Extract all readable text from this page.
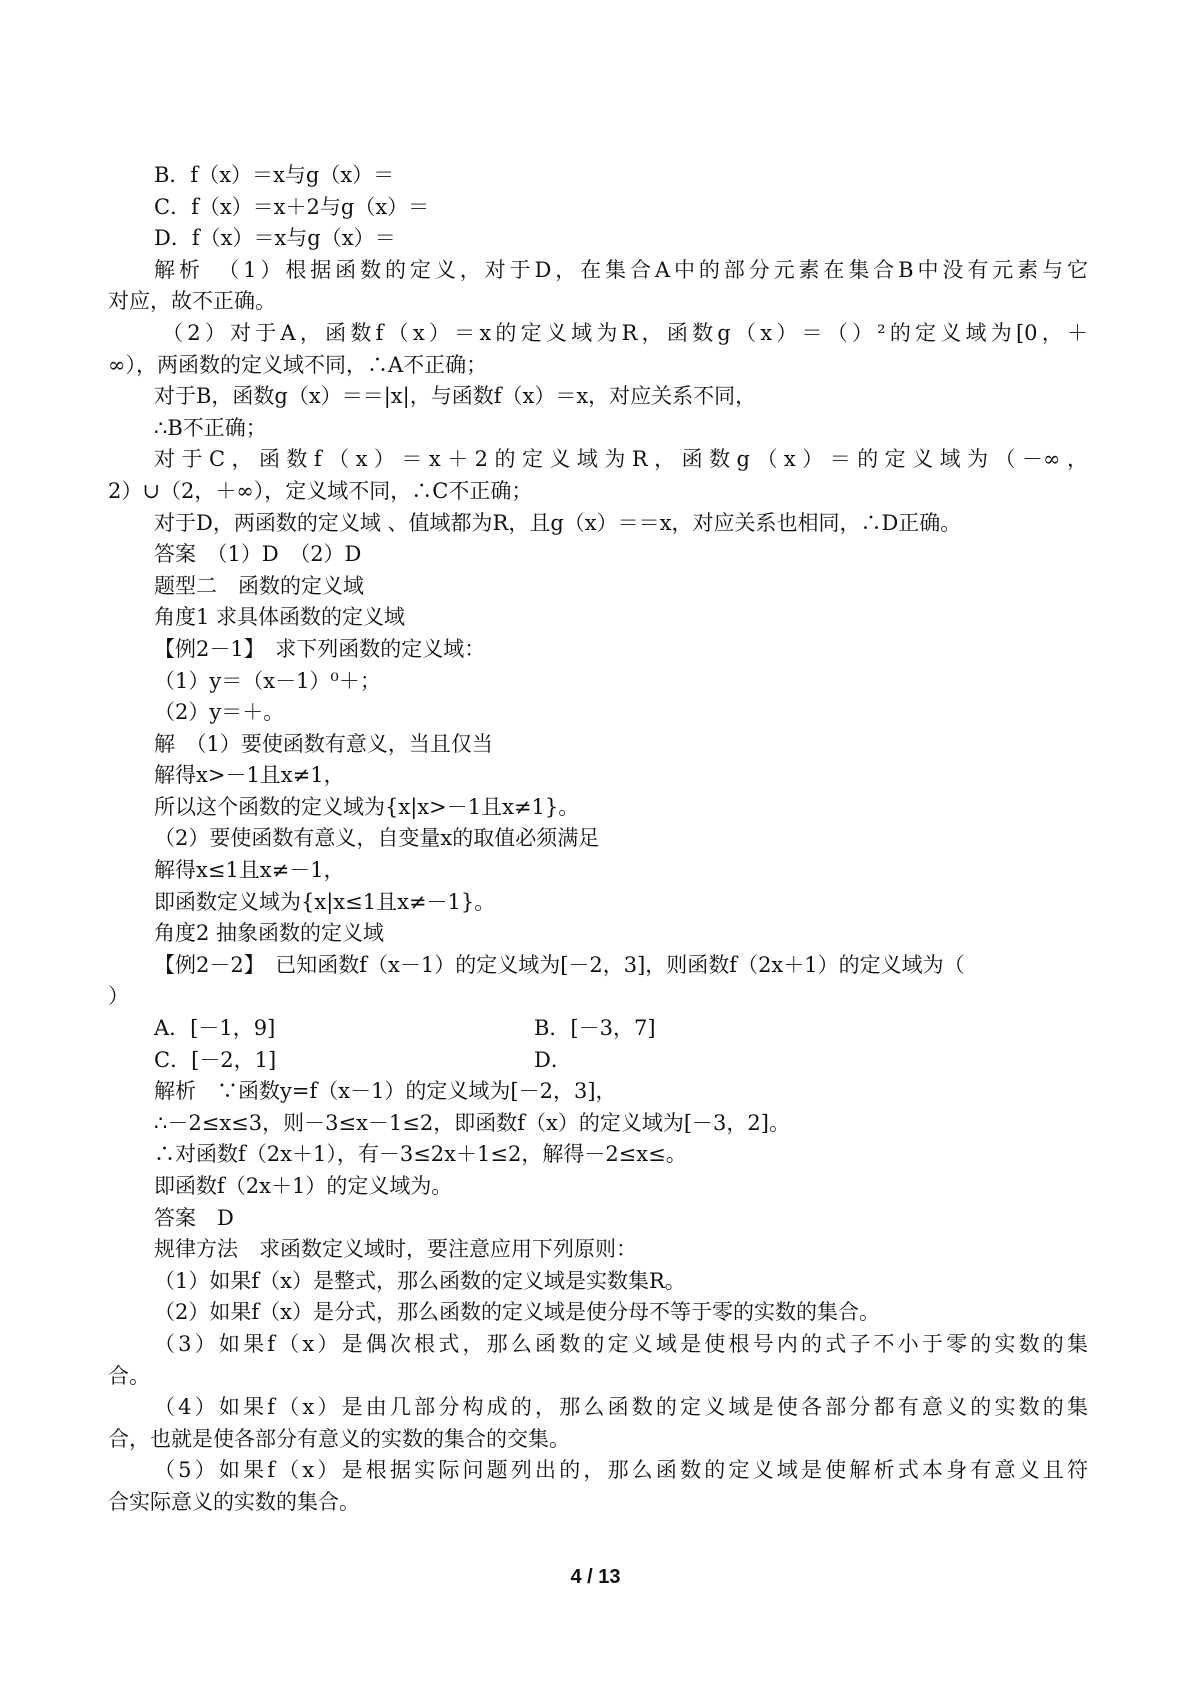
B．f（x）＝x与g（x）＝
C．f（x）＝x＋2与g（x）＝
D．f（x）＝x与g（x）＝
解析　（1）根据函数的定义，对于D，在集合A中的部分元素在集合B中没有元素与它
对应，故不正确。
（2）对于A，函数f（x）＝x的定义域为R，函数g（x）＝（）²的定义域为[0，＋
∞），两函数的定义域不同，∴A不正确；
对于B，函数g（x）＝＝|x|，与函数f（x）＝x，对应关系不同，
∴B不正确；
对于C，函数f（x）＝x＋2的定义域为R，函数g（x）＝的定义域为（－∞，
2）∪（2，＋∞），定义域不同，∴C不正确；
对于D，两函数的定义域 、值域都为R，且g（x）＝＝x，对应关系也相同，∴D正确。
答案　（1）D　（2）D
题型二　函数的定义域
角度1 求具体函数的定义域
【例2－1】　求下列函数的定义域：
（1）y＝（x－1）⁰＋；
（2）y＝＋。
解　（1）要使函数有意义，当且仅当
解得x>－1且x≠1，
所以这个函数的定义域为{x|x>－1且x≠1}。
（2）要使函数有意义，自变量x的取值必须满足
解得x≤1且x≠－1，
即函数定义域为{x|x≤1且x≠－1}。
角度2 抽象函数的定义域
【例2－2】　已知函数f（x－1）的定义域为[－2，3]，则函数f（2x＋1）的定义域为（
）
A．[－1，9]	B．[－3，7]
C．[－2，1]	D．
解析　∵函数y=f（x－1）的定义域为[－2，3]，
∴－2≤x≤3，则－3≤x－1≤2，即函数f（x）的定义域为[－3，2]。
∴对函数f（2x＋1），有－3≤2x＋1≤2，解得－2≤x≤。
即函数f（2x＋1）的定义域为。
答案　D
规律方法　求函数定义域时，要注意应用下列原则：
（1）如果f（x）是整式，那么函数的定义域是实数集R。
（2）如果f（x）是分式，那么函数的定义域是使分母不等于零的实数的集合。
（3）如果f（x）是偶次根式，那么函数的定义域是使根号内的式子不小于零的实数的集
合。
（4）如果f（x）是由几部分构成的，那么函数的定义域是使各部分都有意义的实数的集
合，也就是使各部分有意义的实数的集合的交集。
（5）如果f（x）是根据实际问题列出的，那么函数的定义域是使解析式本身有意义且符
合实际意义的实数的集合。
4 / 13
